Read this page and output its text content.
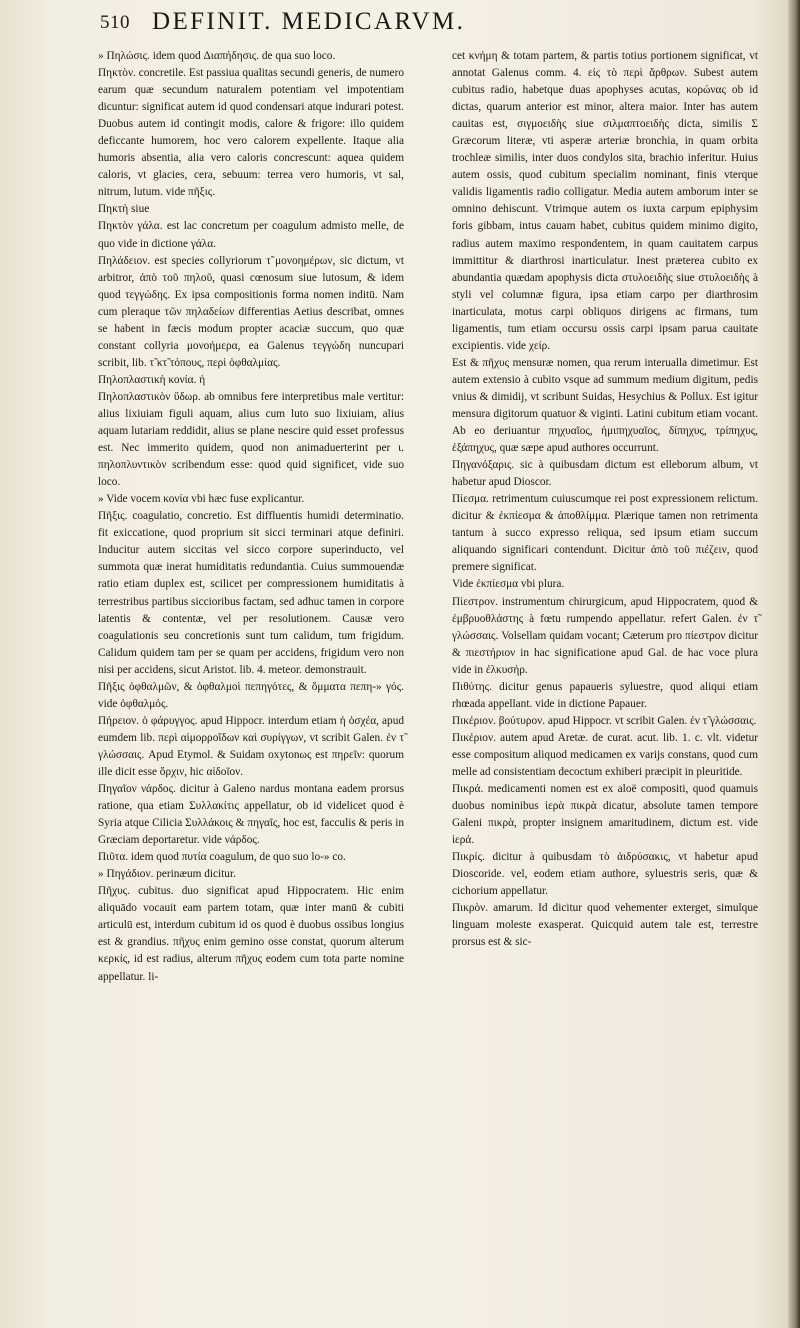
510 DEFINIT. MEDICARVM.

» Πηλώσις. idem quod Διαπήδησις. de qua suo loco.

Πηκτὸν. concretile. Est passiua qualitas secundi generis, de numero earum quæ secundum naturalem potentiam vel impotentiam dicuntur: significat autem id quod condensari atque indurari potest. Duobus autem id contingit modis, calore & frigore: illo quidem deficcante humorem, hoc vero calorem expellente. Itaque alia humoris absentia, alia vero caloris concrescunt: aquea quidem caloris, vt glacies, cera, sebuum: terrea vero humoris, vt sal, nitrum, lutum. vide πῆξις.

Πηκτὴ siue

Πηκτὸν γάλα. est lac concretum per coagulum admistο melle, de quo vide in dictione γάλα.

Πηλάδειον. est species collyriorum τ̃ μονοημέρων, sic dictum, vt arbitror, ἀπὸ τοῦ πηλοῦ, quasi cœnosum siue lutosum, & idem quod τεγγώδης. Ex ipsa compositionis forma nomen inditū. Nam cum pleraque τῶν πηλαδείων differentias Aetius describat, omnes se habent in fæcis modum propter acaciæ succum, quo quæ constant collyria μονοήμερα, ea Galenus τεγγώδη nuncupari scribit, lib. τ̃ κτ̃ τόπους, περὶ ὀφθαλμίας.

Πηλοπλαστικὴ κονία. ἡ

Πηλοπλαστικὸν ὕδωρ. ab omnibus fere interpretibus male vertitur: alius lixiuiam figuli aquam, alius cum luto suo lixiuiam, alius aquam lutariam reddidit, alius se plane nescire quid esset professus est. Nec immerito quidem, quod non animaduerterint per ι. πηλοπλυντικὸν scribendum esse: quod quid significet, vide suo loco.

» Vide vocem κονία vbi hæc fuse explicantur.

Πῆξις. coagulatio, concretio. Est diffluentis humidi determinatio. fit exiccatione, quod proprium sit sicci terminari atque definiri. Inducitur autem siccitas vel sicco corpore superinducto, vel summota quæ inerat humiditatis redundantia. Cuius summouendæ ratio etiam duplex est, scilicet per compressionem humiditatis à terrestribus partibus siccioribus factam, sed adhuc tamen in corpore latentis & contentæ, vel per resolutionem. Causæ vero coagulationis seu concretionis sunt tum calidum, tum frigidum. Calidum quidem tam per se quam per accidens, frigidum vero non nisi per accidens, sicut Aristot. lib. 4. meteor. demonstrauit.

Πῆξις ὀφθαλμῶν, & ὀφθαλμοὶ πεπηγότες, & ὄμματα πεπη-» γός. vide ὀφθαλμός.

Πήρειον. ὁ φάρυγγος. apud Hippocr. interdum etiam ἡ ὀσχέα, apud eumdem lib. περὶ αἱμορροΐδων καὶ συρίγγων, vt scribit Galen. ἐν τ̃ γλώσσαις. Apud Etymol. & Suidam oxytonως est πηρεῖν: quorum ille dicit esse ὄρχιν, hic αἰδοῖον.

Πηγαῖον νάρδος. dicitur à Galeno nardus montana eadem prorsus ratione, qua etiam Συλλακίτις appellatur, ob id videlicet quod è Syria atque Cilicia Συλλάκοις & πηγαῖς, hoc est, facculis & peris in Græciam deportaretur. vide νάρδος.

Πιῦτα. idem quod πυτία coagulum, de quo suo lo-» co.

» Πηγάδιον. perinæum dicitur.

Πῆχυς. cubitus. duo significat apud Hippocratem. Hic enim aliquādo vocauit eam partem totam, quæ inter manū & cubiti articulū est, interdum cubitum id os quod è duobus ossibus longius est & grandius. πῆχυς enim gemino osse constat, quorum alterum κερκίς, id est radius, alterum πῆχυς eodem cum tota parte nomine appellatur. li-

cet κνήμη & totam partem, & partis totius portionem significat, vt annotat Galenus comm. 4. εἰς τὸ περὶ ἄρθρων. Subest autem cubitus radio, habetque duas apophyses acutas, κορώνας ob id dictas, quarum anterior est minor, altera maior. Inter has autem cauitas est, σιγμοειδὴς siue σιλμαπτοειδὴς dicta, similis Σ Græcorum literæ, vti asperæ arteriæ bronchia, in quam orbita trochleæ similis, inter duos condylos sita, brachio inferitur. Huius autem ossis, quod cubitum specialim nominant, finis vterque validis ligamentis radio colligatur. Media autem amborum inter se omnino dehiscunt. Vtrimque autem os iuxta carpum epiphysim foris gibbam, intus cauam habet, cubitus quidem minimo digito, radius autem maximo respondentem, in quam cauitatem carpus immittitur & diarthrosi inarticulatur. Inest præterea cubito ex abundantia quædam apophysis dicta στυλοειδὴς siue στυλοειδὴς à styli vel columnæ figura, ipsa etiam carpo per diarthrosim inarticulata, motus carpi obliquos dirigens ac firmans, tum ligamentis, tum etiam occursu ossis carpi ipsam parua cauitate excipientis. vide χείρ.

Est & πῆχυς mensuræ nomen, qua rerum interualla dimetimur. Est autem extensio à cubito vsque ad summum medium digitum, pedis vnius & dimidij, vt scribunt Suidas, Hesychius & Pollux. Est igitur mensura digitorum quatuor & viginti. Latini cubitum etiam vocant. Ab eo deriuantur πηχυαῖος, ἡμιπηχυαῖος, δίπηχυς, τρίπηχυς, ἑξάπηχυς, quæ sæpe apud authores occurrunt.

Πηγανόξαρις. sic à quibusdam dictum est elleborum album, vt habetur apud Dioscor.

Πίεσμα. retrimentum cuiuscumque rei post expressionem relictum. dicitur & ἐκπίεσμα & ἀποθλίμμα. Plærique tamen non retrimenta tantum à succo expresso reliqua, sed ipsum etiam succum aliquando significari contendunt. Dicitur ἀπὸ τοῦ πιέζειν, quod premere significat.

Vide ἐκπίεσμα vbi plura.

Πίεστρον. instrumentum chirurgicum, apud Hippocratem, quod & ἐμβρυοθλάστης à fœtu rumpendo appellatur. refert Galen. ἐν τ̃ γλώσσαις. Volsellam quidam vocant; Cæterum pro πίεστρον dicitur & πιεστήριον in hac significatione apud Gal. de hac voce plura vide in ἐλκυσήρ.

Πιθύτης. dicitur genus papaueris syluestre, quod aliqui etiam rhœada appellant. vide in dictione Papauer.

Πικέριον. βούτυρον. apud Hippocr. vt scribit Galen. ἐν τ̃ γλώσσαις.

Πικέριον. autem apud Aretæ. de curat. acut. lib. 1. c. vlt. videtur esse compositum aliquod medicamen ex varijs constans, quod cum melle ad consistentiam decoctum exhiberi præcipit in pleuritide.

Πικρά. medicamenti nomen est ex aloë compositi, quod quamuis duobus nominibus ἱερὰ πικρὰ dicatur, absolute tamen tempore Galeni πικρὰ, propter insignem amaritudinem, dictum est. vide ἱερά.

Πικρίς. dicitur à quibusdam τὸ ἀιδρύσακις, vt habetur apud Dioscoride. vel, eodem etiam authore, syluestris seris, quæ & cichorium appellatur.

Πικρὸν. amarum. Id dicitur quod vehementer exterget, simulque linguam moleste exasperat. Quicquid autem tale est, terrestre prorsus est & sic-
